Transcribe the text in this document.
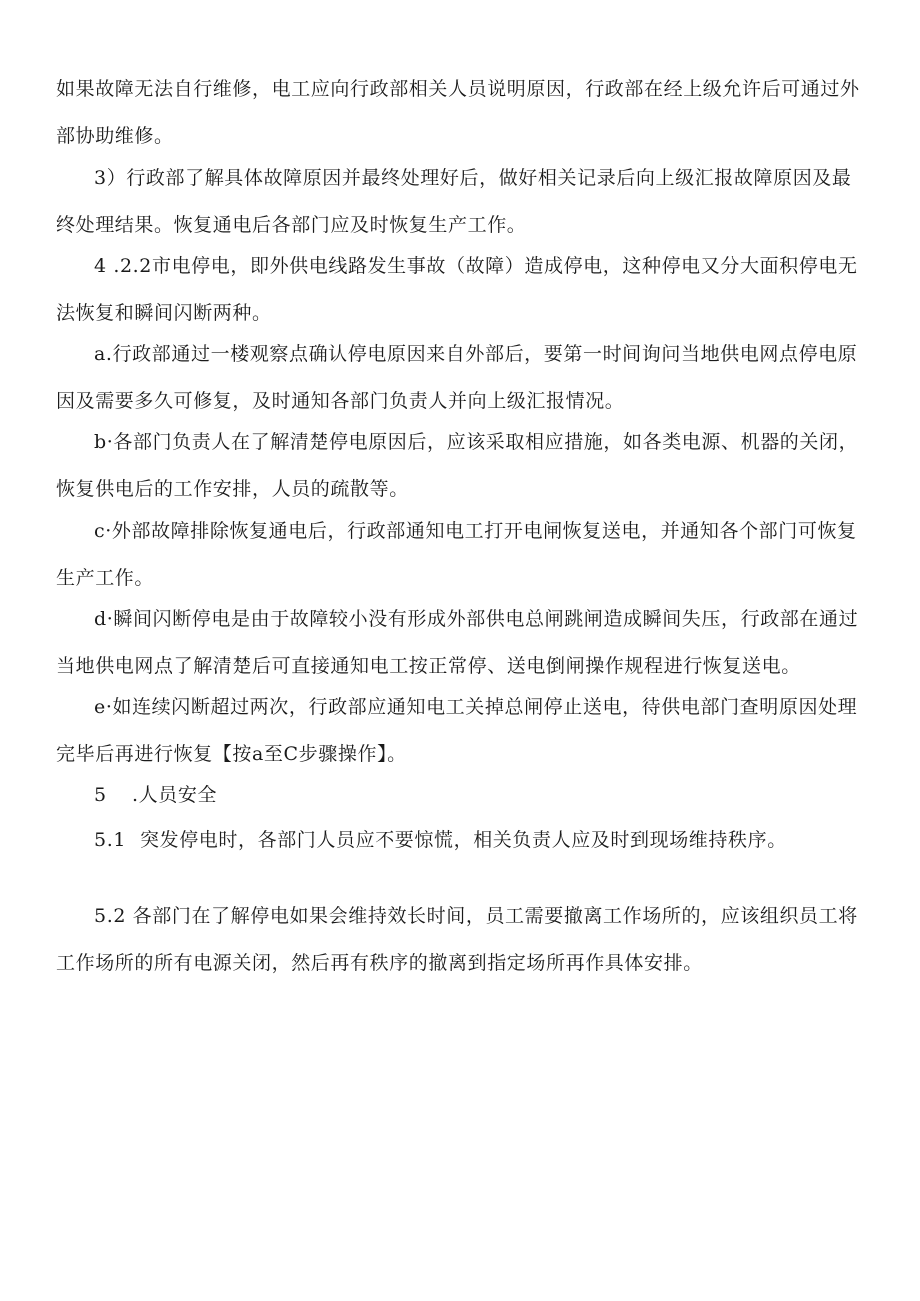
如果故障无法自行维修，电工应向行政部相关人员说明原因，行政部在经上级允许后可通过外部协助维修。

3）行政部了解具体故障原因并最终处理好后，做好相关记录后向上级汇报故障原因及最终处理结果。恢复通电后各部门应及时恢复生产工作。

4 .2.2市电停电，即外供电线路发生事故（故障）造成停电，这种停电又分大面积停电无法恢复和瞬间闪断两种。

a.行政部通过一楼观察点确认停电原因来自外部后，要第一时间询问当地供电网点停电原因及需要多久可修复，及时通知各部门负责人并向上级汇报情况。

b·各部门负责人在了解清楚停电原因后，应该采取相应措施，如各类电源、机器的关闭，恢复供电后的工作安排，人员的疏散等。

c·外部故障排除恢复通电后，行政部通知电工打开电闸恢复送电，并通知各个部门可恢复生产工作。

d·瞬间闪断停电是由于故障较小没有形成外部供电总闸跳闸造成瞬间失压，行政部在通过当地供电网点了解清楚后可直接通知电工按正常停、送电倒闸操作规程进行恢复送电。

e·如连续闪断超过两次，行政部应通知电工关掉总闸停止送电，待供电部门查明原因处理完毕后再进行恢复【按a至C步骤操作】。

5 .人员安全

5.1 突发停电时，各部门人员应不要惊慌，相关负责人应及时到现场维持秩序。

5.2 各部门在了解停电如果会维持效长时间，员工需要撤离工作场所的，应该组织员工将工作场所的所有电源关闭，然后再有秩序的撤离到指定场所再作具体安排。
